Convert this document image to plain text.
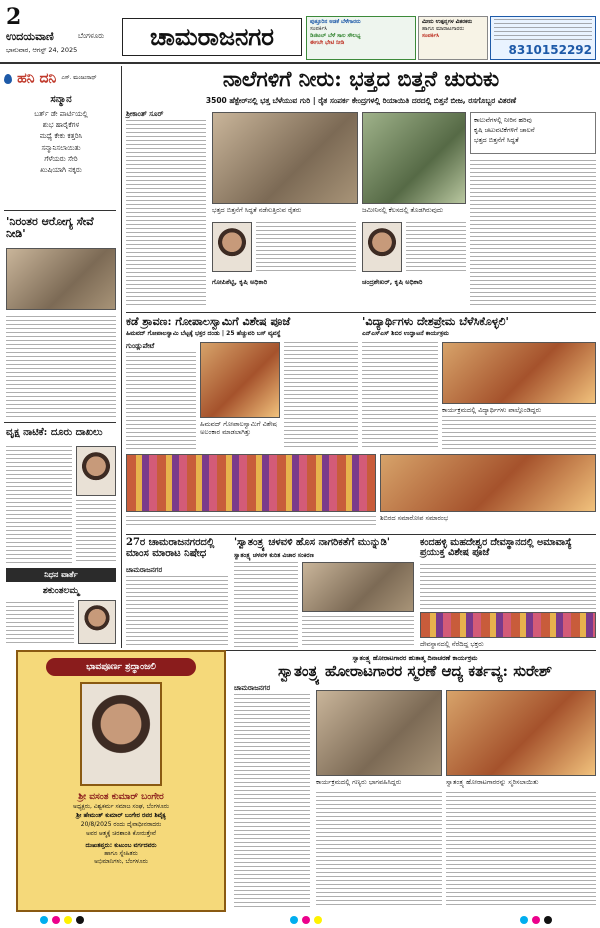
2
ಉದಯವಾಣಿ	ಬೆಂಗಳೂರು
ಭಾನುವಾರ, ಆಗಸ್ಟ್ 24, 2025	ಚಾಮರಾಜನಗರ	ಪುತ್ತೂರಿನ ಅಡಕೆ ಬೆಳೆಗಾರರು
ಸಂಪರ್ಕಿಸಿ
ಡಿಜಿಟಲ್ ಬೆಳೆ ಸಾಲ ಸೌಲಭ್ಯ
ಈಗಲೇ ಭೇಟಿ ನೀಡಿ
ಮೀನು ಉತ್ಪನ್ನಗಳ ವಿತರಕರು
ಹಾಗೂ ಮಾರಾಟಗಾರರು
ಸಂಪರ್ಕಿಸಿ
8310152292
ಹನಿ ದನಿ ಎಸ್. ಮಂಜುನಾಥ್
ಸನ್ಮಾನ
ಬರ್ತ್ ಡೇ ಪಾರ್ಟಿಯಲ್ಲಿ
ಶುಭ ಹಾರೈಕೆಗಳ
ಮಧ್ಯೆ ಕೇಕು ಕತ್ತರಿಸಿ
ಸನ್ಮಾನಿಸಲಾಯಿತು
ಗೆಳೆಯರು ಸೇರಿ
ಖುಷಿಯಾಗಿ ನಕ್ಕರು
'ನಿರಂತರ ಆರೋಗ್ಯ ಸೇವೆ ನೀಡಿ'
ವೃಕ್ಷ ನಾಟಿಕೆ: ದೂರು ದಾಖಲು
ನಿಧನ ವಾರ್ತೆ
ಶಕುಂತಲಮ್ಮ
ನಾಲೆಗಳಿಗೆ ನೀರು: ಭತ್ತದ ಬಿತ್ತನೆ ಚುರುಕು
3500 ಹೆಕ್ಟೇರ್‌ನಲ್ಲಿ ಭತ್ತ ಬೆಳೆಯುವ ಗುರಿ | ರೈತ ಸಂಪರ್ಕ ಕೇಂದ್ರಗಳಲ್ಲಿ ರಿಯಾಯಿತಿ ದರದಲ್ಲಿ ಬಿತ್ತನೆ ಬೀಜ, ರಸಗೊಬ್ಬರ ವಿತರಣೆ
ಶ್ರೀಕಾಂತ್ ಸೂರ್
ಭತ್ತದ ಬಿತ್ತನೆಗೆ ಸಿದ್ಧತೆ ನಡೆಸುತ್ತಿರುವ ರೈತರು	ಜಮೀನಿನಲ್ಲಿ ಕೆಲಸದಲ್ಲಿ ತೊಡಗಿರುವುದು
ಕಾಲುವೆಗಳಲ್ಲಿ ನೀರಿನ ಹರಿವು
ಕೃಷಿ ಚಟುವಟಿಕೆಗಳಿಗೆ ಚಾಲನೆ
ಭತ್ತದ ಬಿತ್ತನೆಗೆ ಸಿದ್ಧತೆ
ಗೋಪಿಶೆಟ್ಟಿ, ಕೃಷಿ ಅಧಿಕಾರಿ	ಚಂದ್ರಶೇಖರ್, ಕೃಷಿ ಅಧಿಕಾರಿ
ಕಡೆ ಶ್ರಾವಣ: ಗೋಪಾಲಸ್ವಾಮಿಗೆ ವಿಶೇಷ ಪೂಜೆ
ಹಿಮವದ್ ಗೋಪಾಲಸ್ವಾಮಿ ಬೆಟ್ಟಕ್ಕೆ ಭಕ್ತರ ದಂಡು | 25 ಹೆಚ್ಚುವರಿ ಬಸ್ ವ್ಯವಸ್ಥೆ
ಗುಂಡ್ಲುಪೇಟೆ
ಹಿಮವದ್ ಗೋಪಾಲಸ್ವಾಮಿಗೆ ವಿಶೇಷ ಅಲಂಕಾರ ಮಾಡಲಾಗಿತ್ತು
'ವಿದ್ಯಾರ್ಥಿಗಳು ದೇಶಪ್ರೇಮ ಬೆಳೆಸಿಕೊಳ್ಳಲಿ'
ಎನ್‌ಎಸ್‌ಎಸ್ ಶಿಬಿರ ಉದ್ಘಾಟನೆ ಕಾರ್ಯಕ್ರಮ
ಕಾರ್ಯಕ್ರಮದಲ್ಲಿ ವಿದ್ಯಾರ್ಥಿಗಳು ಪಾಲ್ಗೊಂಡಿದ್ದರು
ಶಿಬಿರದ ಸಮಾರೋಪ ಸಮಾರಂಭ
27ರ ಚಾಮರಾಜನಗರದಲ್ಲಿ ಮಾಂಸ ಮಾರಾಟ ನಿಷೇಧ
ಚಾಮರಾಜನಗರ
'ಸ್ವಾತಂತ್ರ್ಯ ಚಳವಳಿ ಹೊಸ ನಾಗರಿಕತೆಗೆ ಮುನ್ನುಡಿ'
ಸ್ವಾತಂತ್ರ್ಯ ಚಳವಳಿ ಕುರಿತ ವಿಚಾರ ಸಂಕಿರಣ
ಕಂದಹಳ್ಳಿ ಮಹದೇಶ್ವರ ದೇವಸ್ಥಾನದಲ್ಲಿ ಅಮಾವಾಸ್ಯೆ ಪ್ರಯುಕ್ತ ವಿಶೇಷ ಪೂಜೆ
ದೇವಸ್ಥಾನದಲ್ಲಿ ನೆರೆದಿದ್ದ ಭಕ್ತರು
ಭಾವಪೂರ್ಣ ಶ್ರದ್ಧಾಂಜಲಿ
ಶ್ರೀ ವಸಂತ ಕುಮಾರ್ ಬಂಗೇರ
ಅಧ್ಯಕ್ಷರು, ವಿಶ್ವಕರ್ಮ ಸಮಾಜ ಸಂಘ, ಬೆಂಗಳೂರು
ಶ್ರೀ ಹೇಮಂತ್ ಕುಮಾರ್ ಬಂಗೇರ ರವರ ಶಿವೈಕ್ಯ
20/8/2025 ರಂದು ದೈವಾಧೀನರಾದರು
ಅವರ ಆತ್ಮಕ್ಕೆ ಚಿರಶಾಂತಿ ಕೋರುತ್ತೇವೆ
ದುಃಖತಪ್ತರು: ಕುಟುಂಬ ವರ್ಗದವರು
ಹಾಗೂ ಸ್ನೇಹಿತರು
ಅಭಿಮಾನಿಗಳು, ಬೆಂಗಳೂರು
ಸ್ವಾತಂತ್ರ್ಯ ಹೋರಾಟಗಾರರ ಹುತಾತ್ಮ ದಿನಾಚರಣೆ ಕಾರ್ಯಕ್ರಮ
ಸ್ವಾತಂತ್ರ್ಯ ಹೋರಾಟಗಾರರ ಸ್ಮರಣೆ ಆದ್ಯ ಕರ್ತವ್ಯ: ಸುರೇಶ್
ಚಾಮರಾಜನಗರ
ಕಾರ್ಯಕ್ರಮದಲ್ಲಿ ಗಣ್ಯರು ಭಾಗವಹಿಸಿದ್ದರು	ಸ್ವಾತಂತ್ರ್ಯ ಹೋರಾಟಗಾರರನ್ನು ಸ್ಮರಿಸಲಾಯಿತು
